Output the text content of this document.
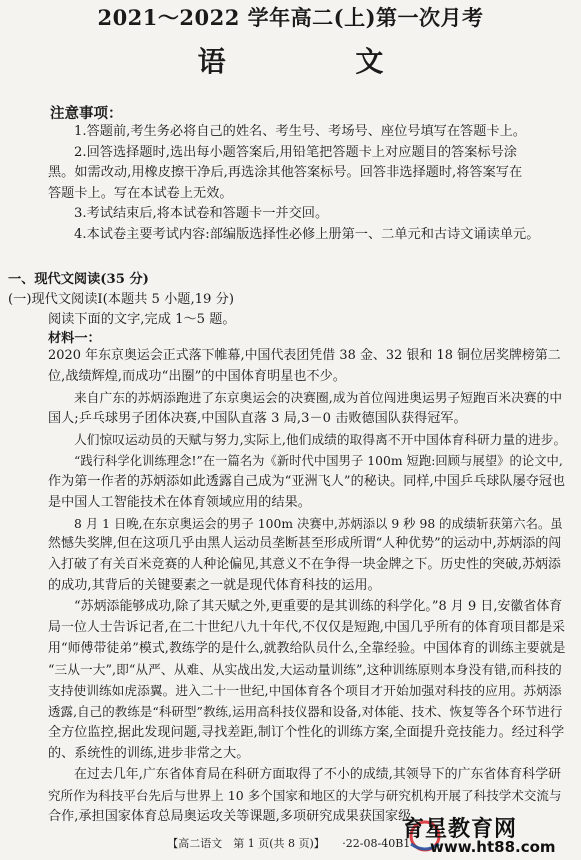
2021～2022 学年高二(上)第一次月考
语 文
注意事项：
1.答题前,考生务必将自己的姓名、考生号、考场号、座位号填写在答题卡上。
2.回答选择题时,选出每小题答案后,用铅笔把答题卡上对应题目的答案标号涂
黑。如需改动,用橡皮擦干净后,再选涂其他答案标号。回答非选择题时,将答案写在
答题卡上。写在本试卷上无效。
3.考试结束后,将本试卷和答题卡一并交回。
4.本试卷主要考试内容:部编版选择性必修上册第一、二单元和古诗文诵读单元。
一、现代文阅读(35 分)
(一)现代文阅读Ⅰ(本题共 5 小题,19 分)
阅读下面的文字,完成 1～5 题。
材料一：
2020 年东京奥运会正式落下帷幕,中国代表团凭借 38 金、32 银和 18 铜位居奖牌榜第二
位,战绩辉煌,而成功“出圈”的中国体育明星也不少。
来自广东的苏炳添跑进了东京奥运会的决赛圈,成为首位闯进奥运男子短跑百米决赛的中
国人;乒乓球男子团体决赛,中国队直落 3 局,3－0 击败德国队获得冠军。
人们惊叹运动员的天赋与努力,实际上,他们成绩的取得离不开中国体育科研力量的进步。
“践行科学化训练理念!”在一篇名为《新时代中国男子 100m 短跑:回顾与展望》的论文中,
作为第一作者的苏炳添如此透露自己成为“亚洲飞人”的秘诀。同样,中国乒乓球队屡夺冠也
是中国人工智能技术在体育领域应用的结果。
8 月 1 日晚,在东京奥运会的男子 100m 决赛中,苏炳添以 9 秒 98 的成绩斩获第六名。虽
然憾失奖牌,但在这项几乎由黑人运动员垄断甚至形成所谓“人种优势”的运动中,苏炳添的闯
入打破了有关百米竞赛的人种论偏见,其意义不在争得一块金牌之下。历史性的突破,苏炳添
的成功,其背后的关键要素之一就是现代体育科技的运用。
“苏炳添能够成功,除了其天赋之外,更重要的是其训练的科学化。”8 月 9 日,安徽省体育
局一位人士告诉记者,在二十世纪八九十年代,不仅仅是短跑,中国几乎所有的体育项目都是采
用“师傅带徒弟”模式,教练学的是什么,就教给队员什么,全靠经验。中国体育的训练主要就是
“三从一大”,即“从严、从难、从实战出发,大运动量训练”,这种训练原则本身没有错,而科技的
支持使训练如虎添翼。进入二十一世纪,中国体育各个项目才开始加强对科技的应用。苏炳添
透露,自己的教练是“科研型”教练,运用高科技仪器和设备,对体能、技术、恢复等各个环节进行
全方位监控,据此发现问题,寻找差距,制订个性化的训练方案,全面提升竞技能力。经过科学
的、系统性的训练,进步非常之大。
在过去几年,广东省体育局在科研方面取得了不小的成绩,其领导下的广东省体育科学研
究所作为科技平台先后与世界上 10 多个国家和地区的大学与研究机构开展了科技学术交流与
合作,承担国家体育总局奥运攻关等课题,多项研究成果获国家级
【高二语文　第 1 页(共 8 页)】 ·22-08-40B1·
育星教育网
www.ht88.com
